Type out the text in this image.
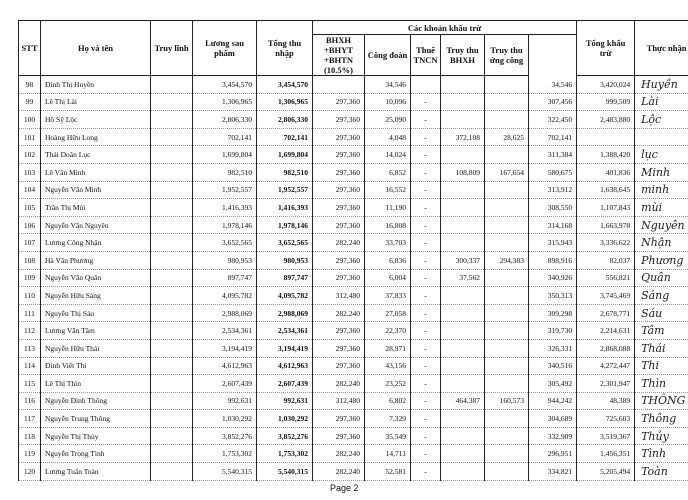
STT	Họ và tên	Truy lĩnh	Lương sau phẩm	Tổng thu nhập	Các khoản khấu trừ						Tổng khấu trừ	Thực nhận	
					BHXH +BHYT +BHTN (10.5%)	Công đoàn	Thuế TNCN	Truy thu BHXH	Truy thu ứng công				
98	Đinh Thị Huyền		3,454,570	3,454,570		34,546				34,546	3,420,024	Huyền	
99	Lê Thị Lài		1,306,965	1,306,965	297,360	10,096	-			307,456	999,509	Lài	
100	Hồ Sỹ Lộc		2,806,330	2,806,330	297,360	25,090	-			322,450	2,483,880	Lộc	
101	Hoàng Hữu Long		702,141	702,141	297,360	4,048	-	372,108	28,625	702,141			
102	Thái Doãn Lục		1,699,804	1,699,804	297,360	14,024	-			311,384	1,388,420	lục	
103	Lê Văn Minh		982,510	982,510	297,360	6,852	-	108,809	167,654	580,675	401,836	Minh	
104	Nguyễn Văn Minh		1,952,557	1,952,557	297,360	16,552	-			313,912	1,638,645	minh	
105	Trần Thị Mùi		1,416,393	1,416,393	297,360	11,190	-			308,550	1,107,843	mùi	
106	Nguyễn Văn Nguyên		1,978,146	1,978,146	297,360	16,808	-			314,168	1,663,978	Nguyên	
107	Lương Công Nhận		3,652,565	3,652,565	282,240	33,703	-			315,943	3,336,622	Nhận	
108	Hà Văn Phương		980,953	980,953	297,360	6,836	-	300,337	294,383	898,916	82,037	Phương	
109	Nguyễn Văn Quân		897,747	897,747	297,360	6,004	-	37,562		340,926	556,821	Quân	
110	Nguyễn Hữu Sáng		4,095,782	4,095,782	312,480	37,833	-			350,313	3,745,469	Sáng	
111	Nguyễn Thị Sáu		2,988,069	2,988,069	282,240	27,058	-			309,298	2,678,771	Sáu	
112	Lương Văn Tâm		2,534,361	2,534,361	297,360	22,370	-			319,730	2,214,631	Tâm	
113	Nguyễn Hữu Thái		3,194,419	3,194,419	297,360	28,971	-			326,331	2,868,088	Thái	
114	Đinh Viết Thi		4,612,963	4,612,963	297,360	43,156	-			340,516	4,272,447	Thi	
115	Lê Thị Thìn		2,607,439	2,607,439	282,240	23,252	-			305,492	2,301,947	Thìn	
116	Nguyễn Đình Thông		992,631	992,631	312,480	6,802	-	464,387	160,573	944,242	48,389	THÔNG	
117	Nguyễn Trung Thông		1,030,292	1,030,292	297,360	7,329	-			304,689	725,603	Thông	
118	Nguyễn Thị Thủy		3,852,276	3,852,276	297,360	35,549	-			332,909	3,519,367	Thủy	
119	Nguyễn Trọng Tình		1,753,302	1,753,302	282,240	14,711	-			296,951	1,456,351	Tình	
120	Lương Tuấn Toàn		5,540,315	5,540,315	282,240	52,581	-			334,821	5,205,494	Toàn	
Page 2
